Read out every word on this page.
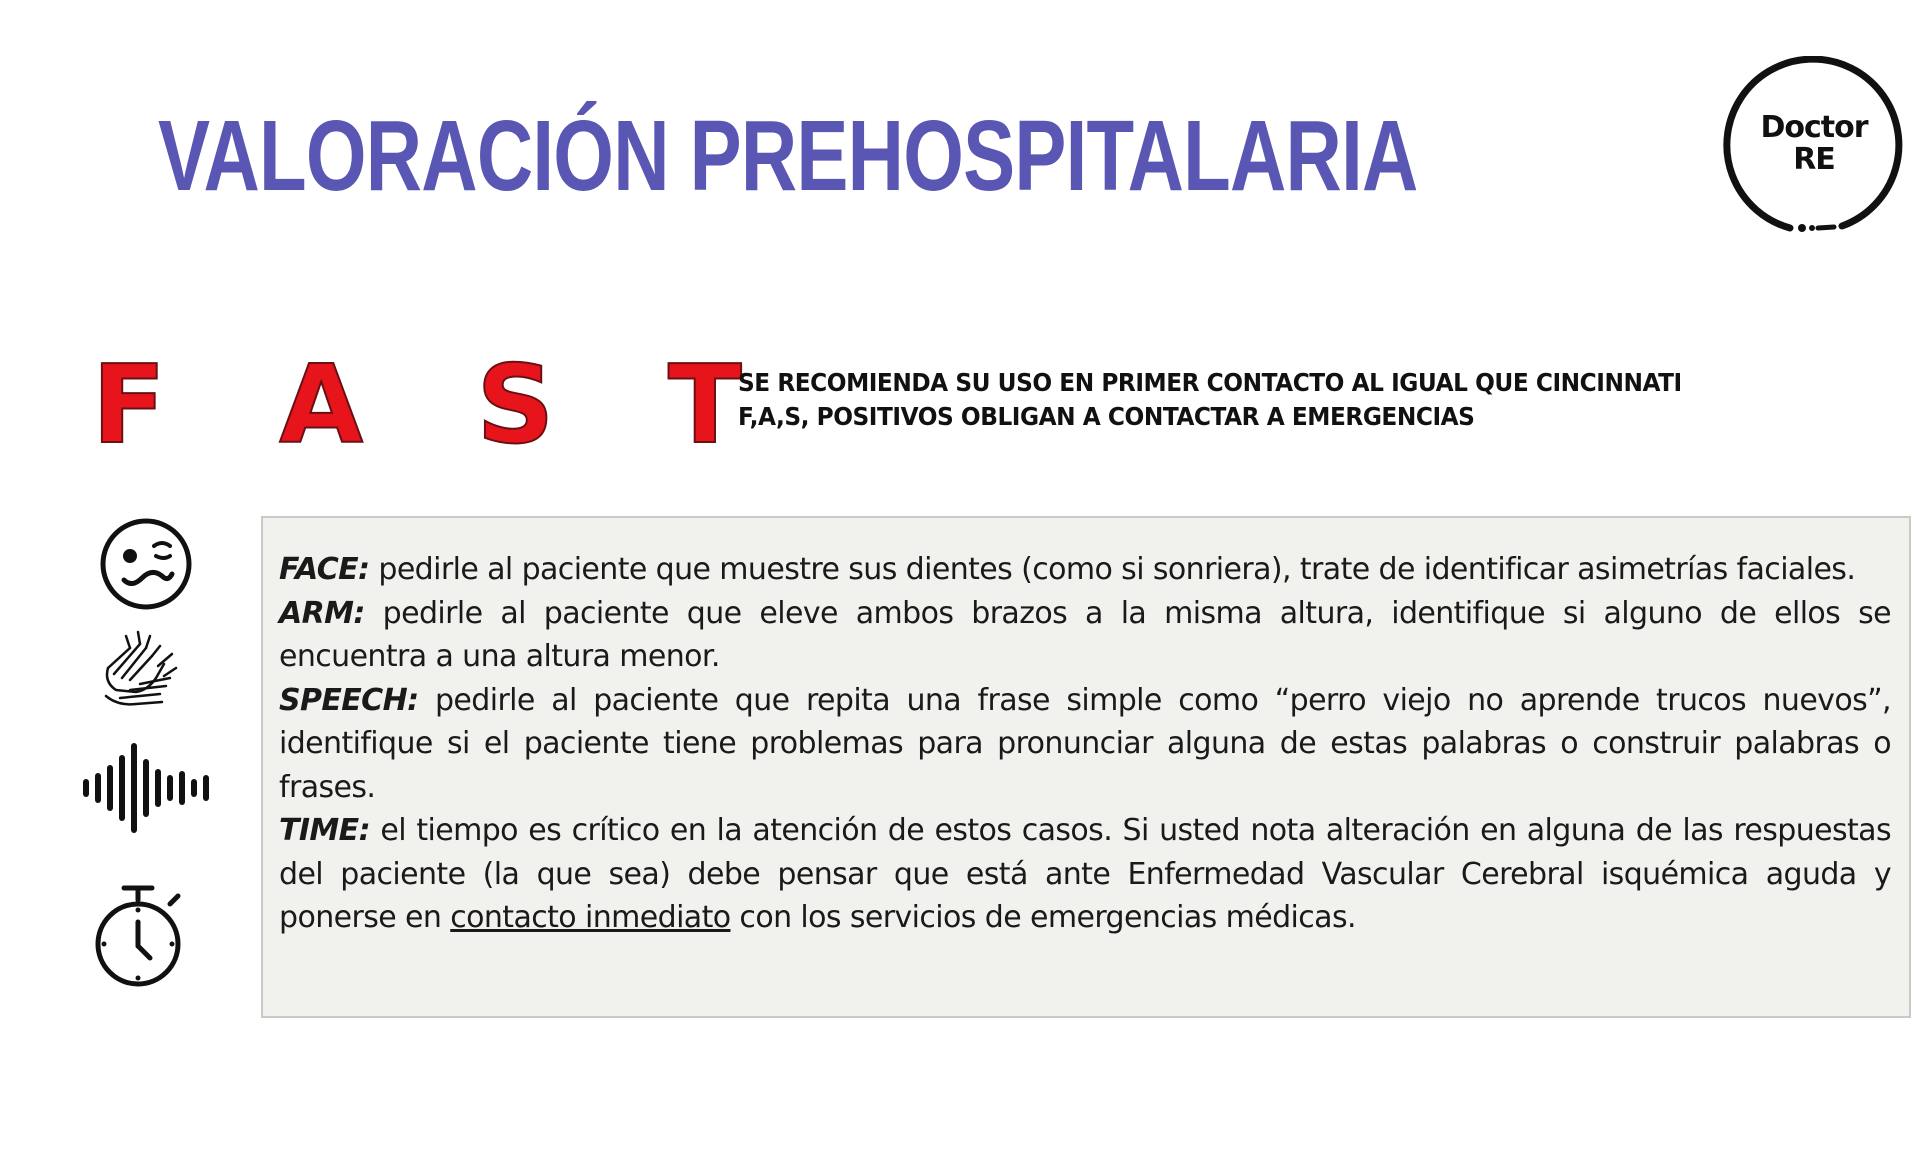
VALORACIÓN PREHOSPITALARIA	Doctor
RE
F A S T
SE RECOMIENDA SU USO EN PRIMER CONTACTO AL IGUAL QUE CINCINNATI
F,A,S, POSITIVOS OBLIGAN A CONTACTAR A EMERGENCIAS

FACE: pedirle al paciente que muestre sus dientes (como si sonriera), trate de identificar asimetrías faciales.

ARM: pedirle al paciente que eleve ambos brazos a la misma altura, identifique si alguno de ellos se encuentra a una altura menor.

SPEECH: pedirle al paciente que repita una frase simple como “perro viejo no aprende trucos nuevos”, identifique si el paciente tiene problemas para pronunciar alguna de estas palabras o construir palabras o frases.

TIME: el tiempo es crítico en la atención de estos casos. Si usted nota alteración en alguna de las respuestas del paciente (la que sea) debe pensar que está ante Enfermedad Vascular Cerebral isquémica aguda y ponerse en contacto inmediato con los servicios de emergencias médicas.
